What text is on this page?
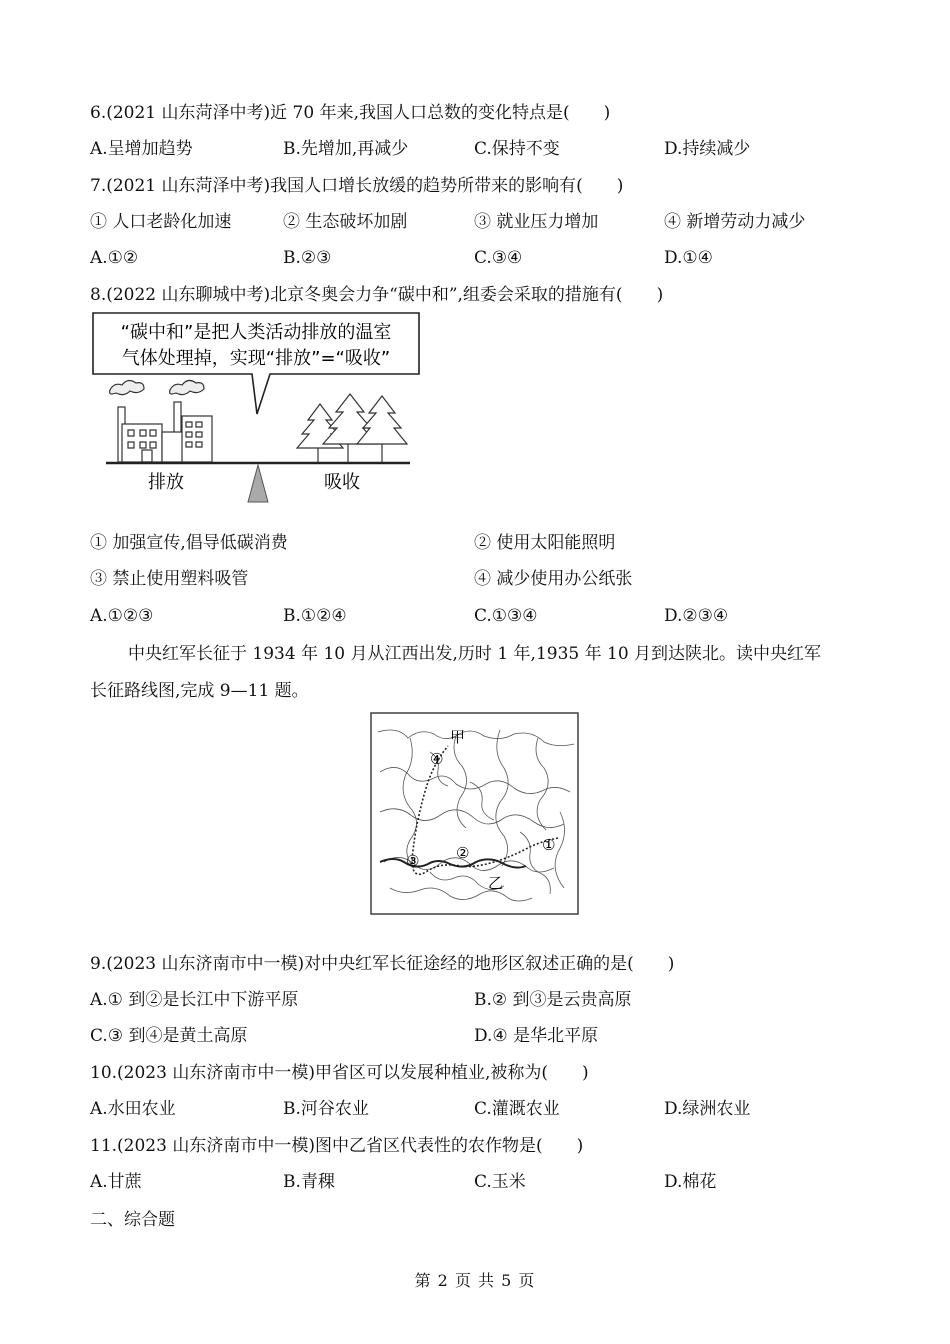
6.(2021 山东菏泽中考)近 70 年来,我国人口总数的变化特点是(　　)
A.呈增加趋势	B.先增加,再减少	C.保持不变	D.持续减少
7.(2021 山东菏泽中考)我国人口增长放缓的趋势所带来的影响有(　　)
① 人口老龄化加速	② 生态破坏加剧	③ 就业压力增加	④ 新增劳动力减少
A.①②	B.②③	C.③④	D.①④
8.(2022 山东聊城中考)北京冬奥会力争“碳中和”,组委会采取的措施有(　　)
“碳中和”是把人类活动排放的温室
气体处理掉，实现“排放”=“吸收”
排放	吸收
① 加强宣传,倡导低碳消费	② 使用太阳能照明
③ 禁止使用塑料吸管	④ 减少使用办公纸张
A.①②③	B.①②④	C.①③④	D.②③④
中央红军长征于 1934 年 10 月从江西出发,历时 1 年,1935 年 10 月到达陕北。读中央红军
长征路线图,完成 9—11 题。
甲
乙
①
②
③
④
9.(2023 山东济南市中一模)对中央红军长征途经的地形区叙述正确的是(　　)
A.① 到②是长江中下游平原	B.② 到③是云贵高原
C.③ 到④是黄土高原	D.④ 是华北平原
10.(2023 山东济南市中一模)甲省区可以发展种植业,被称为(　　)
A.水田农业	B.河谷农业	C.灌溉农业	D.绿洲农业
11.(2023 山东济南市中一模)图中乙省区代表性的农作物是(　　)
A.甘蔗	B.青稞	C.玉米	D.棉花
二、综合题
第 2 页 共 5 页
